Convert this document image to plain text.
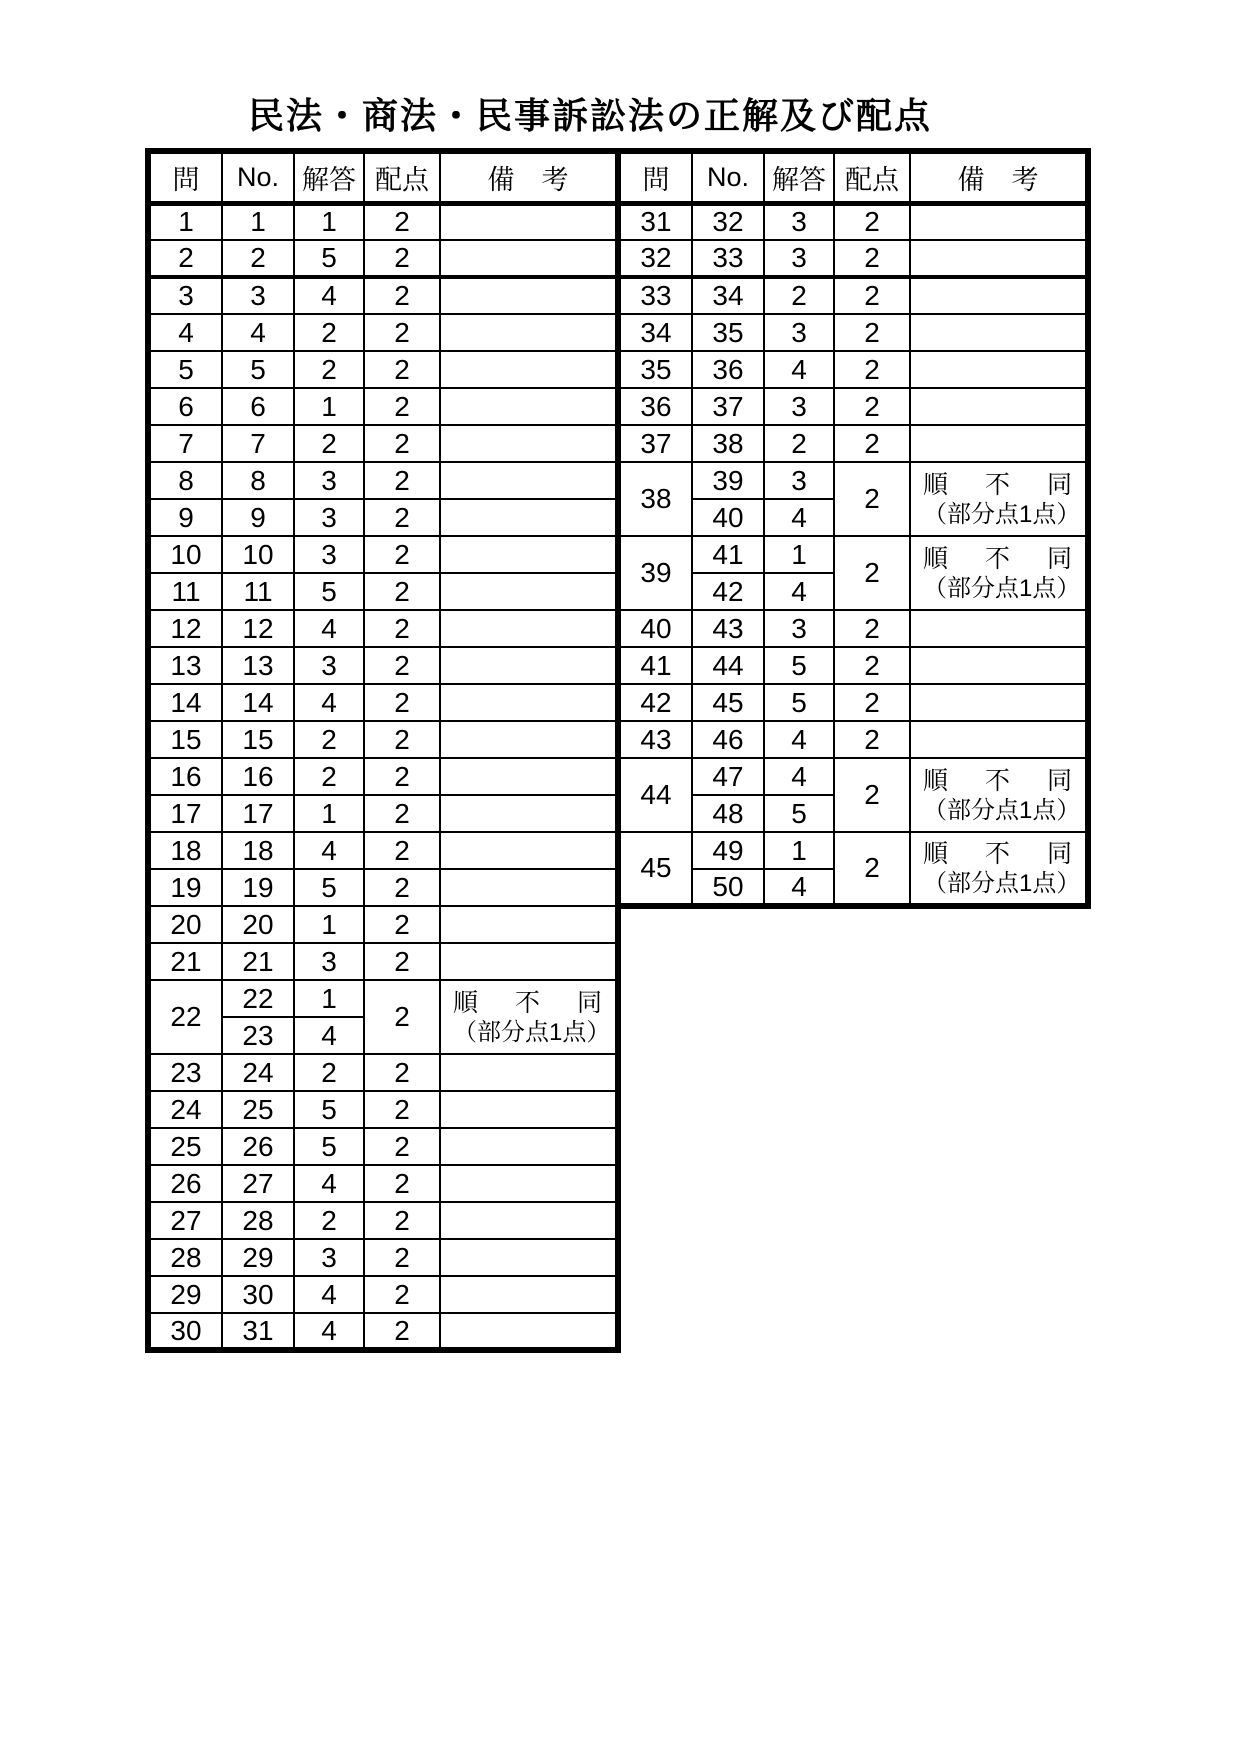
民法・商法・民事訴訟法の正解及び配点
問	No.	解答	配点	備　考
1	1	1	2	
2	2	5	2	
3	3	4	2	
4	4	2	2	
5	5	2	2	
6	6	1	2	
7	7	2	2	
8	8	3	2	
9	9	3	2	
10	10	3	2	
11	11	5	2	
12	12	4	2	
13	13	3	2	
14	14	4	2	
15	15	2	2	
16	16	2	2	
17	17	1	2	
18	18	4	2	
19	19	5	2	
20	20	1	2	
21	21	3	2	
22	22	1	2	順　不　同
（部分点1点）

	23	4		
23	24	2	2	
24	25	5	2	
25	26	5	2	
26	27	4	2	
27	28	2	2	
28	29	3	2	
29	30	4	2	
30	31	4	2	
問	No.	解答	配点	備　考
31	32	3	2	
32	33	3	2	
33	34	2	2	
34	35	3	2	
35	36	4	2	
36	37	3	2	
37	38	2	2	
38	39	3	2	順　不　同
（部分点1点）

	40	4		
39	41	1	2	順　不　同
（部分点1点）

	42	4		
40	43	3	2	
41	44	5	2	
42	45	5	2	
43	46	4	2	
44	47	4	2	順　不　同
（部分点1点）

	48	5		
45	49	1	2	順　不　同
（部分点1点）

	50	4		
